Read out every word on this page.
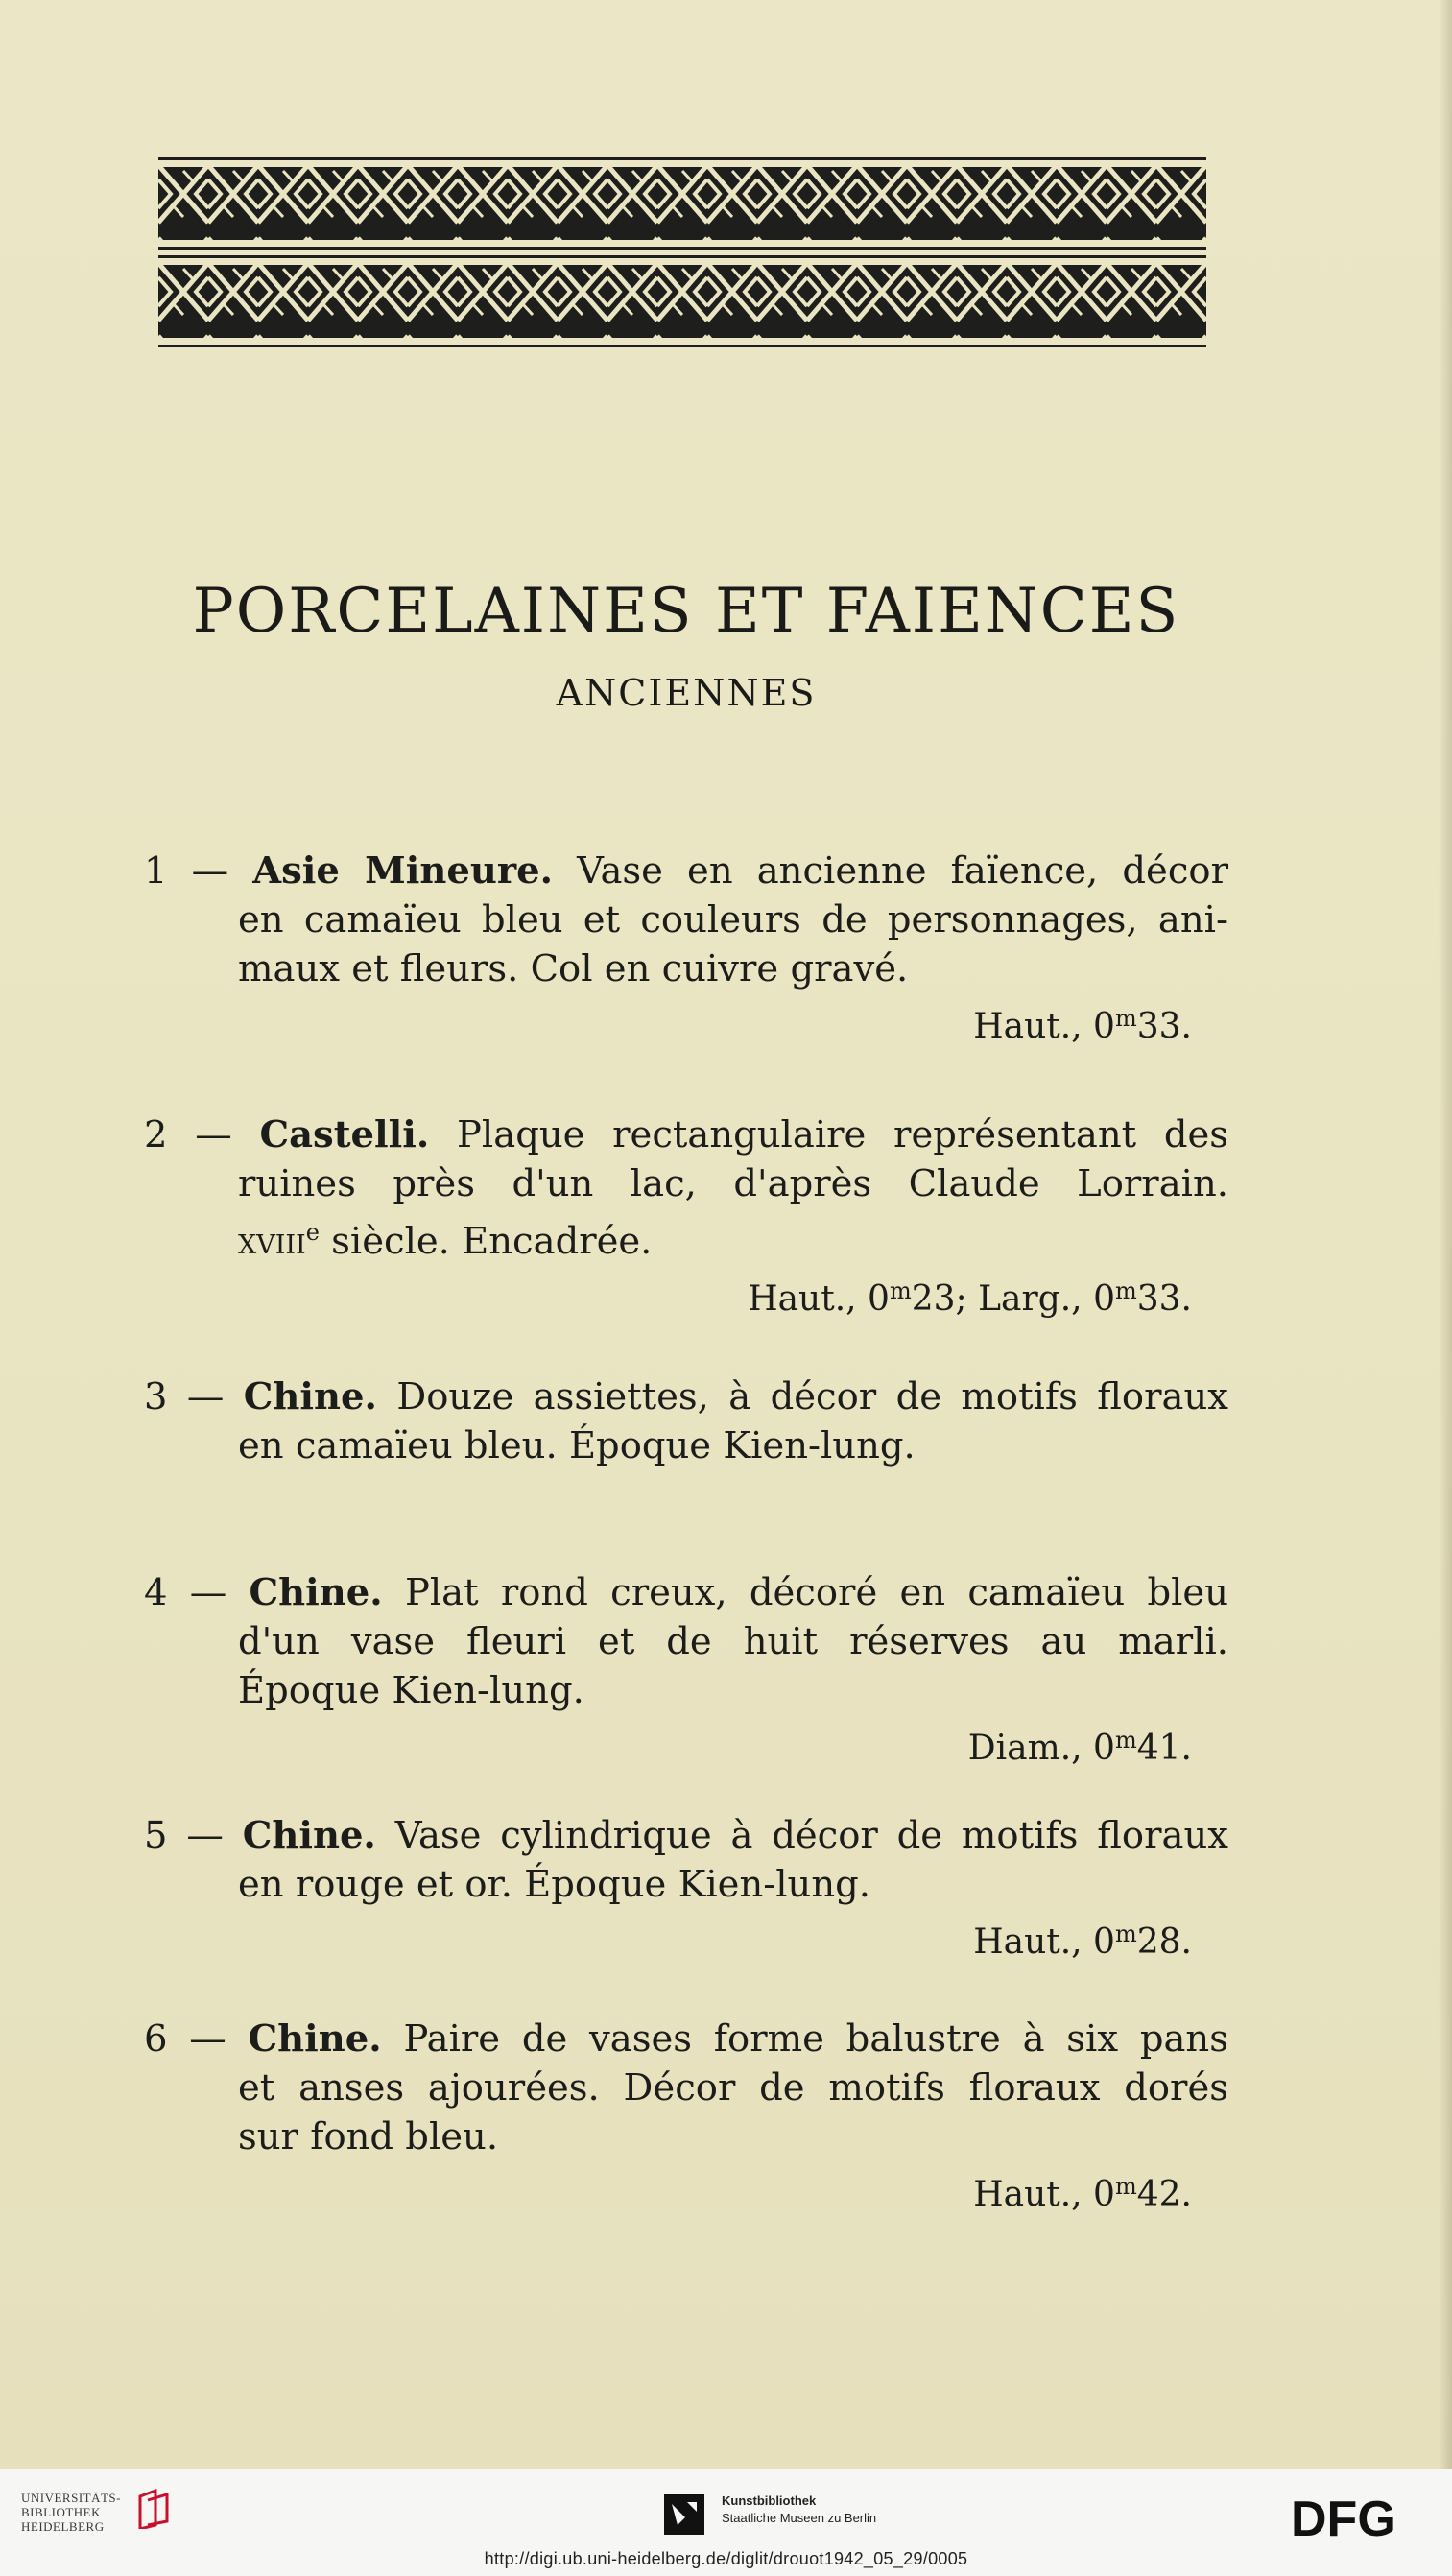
PORCELAINES ET FAIENCES
ANCIENNES
1 — Asie Mineure. Vase en ancienne faïence, décor
en camaïeu bleu et couleurs de personnages, ani-
maux et fleurs. Col en cuivre gravé.
Haut., 0$^m$33.
2 — Castelli. Plaque rectangulaire représentant des
ruines près d'un lac, d'après Claude Lorrain.
xviii$^e$ siècle. Encadrée.
Haut., 0$^m$23; Larg., 0$^m$33.
3 — Chine. Douze assiettes, à décor de motifs floraux
en camaïeu bleu. Époque Kien-lung.
4 — Chine. Plat rond creux, décoré en camaïeu bleu
d'un vase fleuri et de huit réserves au marli.
Époque Kien-lung.
Diam., 0$^m$41.
5 — Chine. Vase cylindrique à décor de motifs floraux
en rouge et or. Époque Kien-lung.
Haut., 0$^m$28.
6 — Chine. Paire de vases forme balustre à six pans
et anses ajourées. Décor de motifs floraux dorés
sur fond bleu.
Haut., 0$^m$42.
UNIVERSITÄTS-
BIBLIOTHEK
HEIDELBERG
Kunstbibliothek
Staatliche Museen zu Berlin	DFG
http://digi.ub.uni-heidelberg.de/diglit/drouot1942_05_29/0005
